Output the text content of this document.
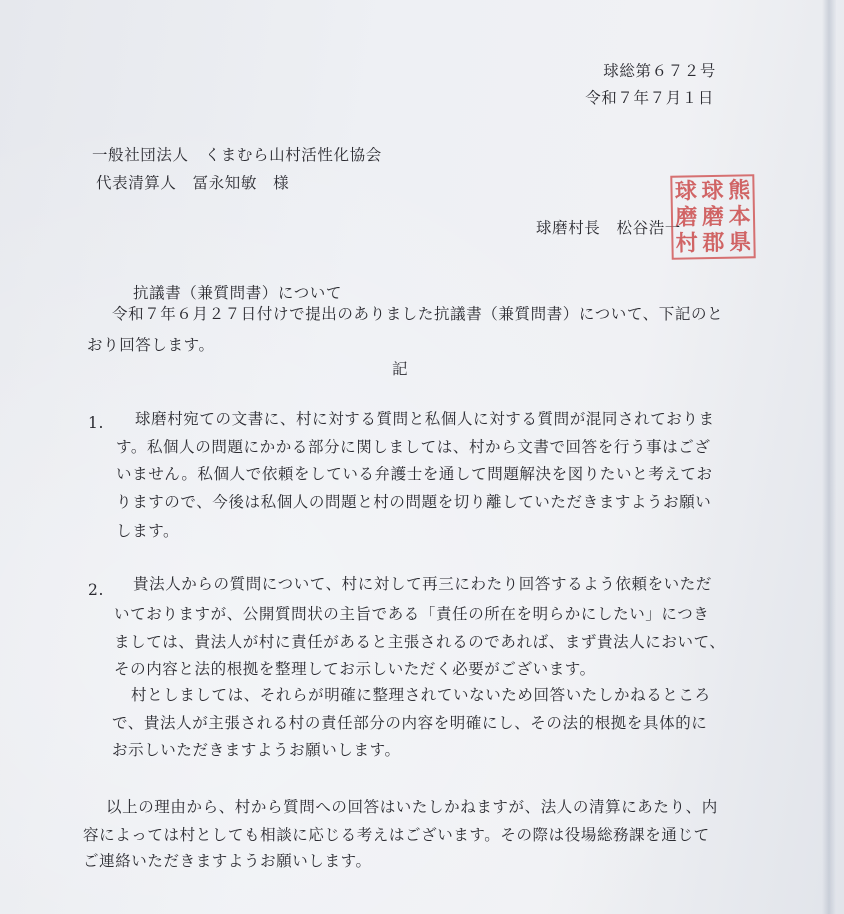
球総第６７２号
令和７年７月１日
一般社団法人　くまむら山村活性化協会
代表清算人　冨永知敏　様
球磨村長　松谷浩一
熊
本
県
球
磨
郡
球
磨
村
抗議書（兼質問書）について
令和７年６月２７日付けで提出のありました抗議書（兼質問書）について、下記のと
おり回答します。
記
1. 球磨村宛ての文書に、村に対する質問と私個人に対する質問が混同されておりま
す。私個人の問題にかかる部分に関しましては、村から文書で回答を行う事はござ
いません。私個人で依頼をしている弁護士を通して問題解決を図りたいと考えてお
りますので、今後は私個人の問題と村の問題を切り離していただきますようお願い
します。
2. 貴法人からの質問について、村に対して再三にわたり回答するよう依頼をいただ
いておりますが、公開質問状の主旨である「責任の所在を明らかにしたい」につき
ましては、貴法人が村に責任があると主張されるのであれば、まず貴法人において、
その内容と法的根拠を整理してお示しいただく必要がございます。
村としましては、それらが明確に整理されていないため回答いたしかねるところ
で、貴法人が主張される村の責任部分の内容を明確にし、その法的根拠を具体的に
お示しいただきますようお願いします。
以上の理由から、村から質問への回答はいたしかねますが、法人の清算にあたり、内
容によっては村としても相談に応じる考えはございます。その際は役場総務課を通じて
ご連絡いただきますようお願いします。
